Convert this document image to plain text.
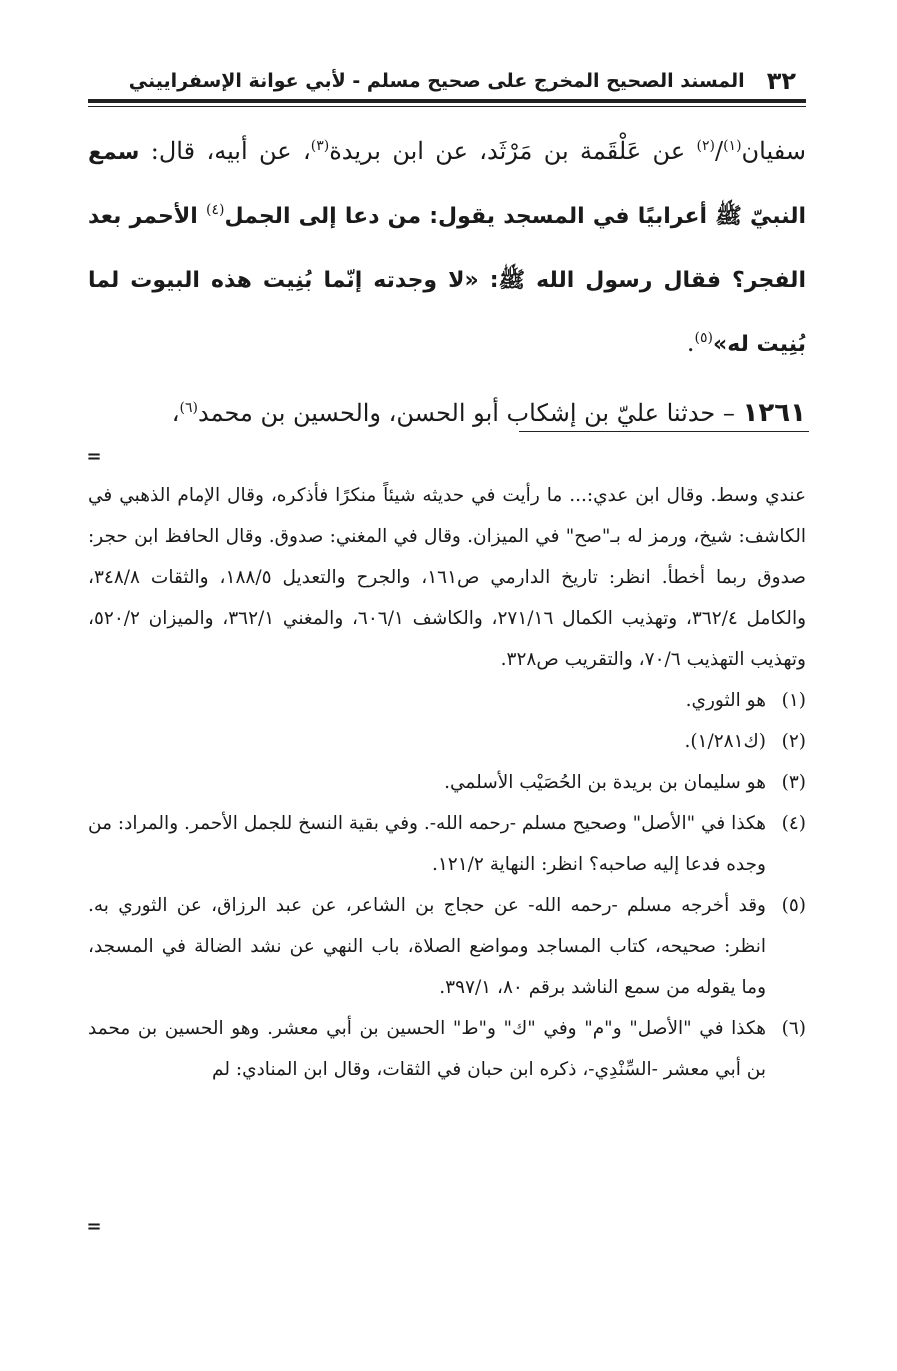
٣٢
المسند الصحيح المخرج على صحيح مسلم - لأبي عوانة الإسفراييني

سفيان$^{(١)}$/$^{(٢)}$ عن عَلْقَمة بن مَرْثَد، عن ابن بريدة$^{(٣)}$، عن أبيه، قال: سمع النبيّ ﷺ أعرابيًا في المسجد يقول: من دعا إلى الجمل$^{(٤)}$ الأحمر بعد الفجر؟ فقال رسول الله ﷺ: «لا وجدته إنّما بُنِيت هذه البيوت لما بُنِيت له»$^{(٥)}$.

١٢٦١ – حدثنا عليّ بن إشكاب أبو الحسن، والحسين بن محمد$^{(٦)}$،

=

عندي وسط. وقال ابن عدي:... ما رأيت في حديثه شيئاً منكرًا فأذكره، وقال الإمام الذهبي في الكاشف: شيخ، ورمز له بـ"صح" في الميزان. وقال في المغني: صدوق. وقال الحافظ ابن حجر: صدوق ربما أخطأ. انظر: تاريخ الدارمي ص١٦١، والجرح والتعديل ١٨٨/٥، والثقات ٣٤٨/٨، والكامل ٣٦٢/٤، وتهذيب الكمال ٢٧١/١٦، والكاشف ٦٠٦/١، والمغني ٣٦٢/١، والميزان ٥٢٠/٢، وتهذيب التهذيب ٧٠/٦، والتقريب ص٣٢٨.

(١)
هو الثوري.
(٢)
(ك١/٢٨١).
(٣)
هو سليمان بن بريدة بن الحُصَيْب الأسلمي.
(٤)
هكذا في "الأصل" وصحيح مسلم -رحمه الله-. وفي بقية النسخ للجمل الأحمر. والمراد: من وجده فدعا إليه صاحبه؟ انظر: النهاية ١٢١/٢.
(٥)
وقد أخرجه مسلم -رحمه الله- عن حجاج بن الشاعر، عن عبد الرزاق، عن الثوري به. انظر: صحيحه، كتاب المساجد ومواضع الصلاة، باب النهي عن نشد الضالة في المسجد، وما يقوله من سمع الناشد برقم ٨٠، ٣٩٧/١.
(٦)
هكذا في "الأصل" و"م" وفي "ك" و"ط" الحسين بن أبي معشر. وهو الحسين بن محمد بن أبي معشر -السِّنْدِي-، ذكره ابن حبان في الثقات، وقال ابن المنادي: لم
=
